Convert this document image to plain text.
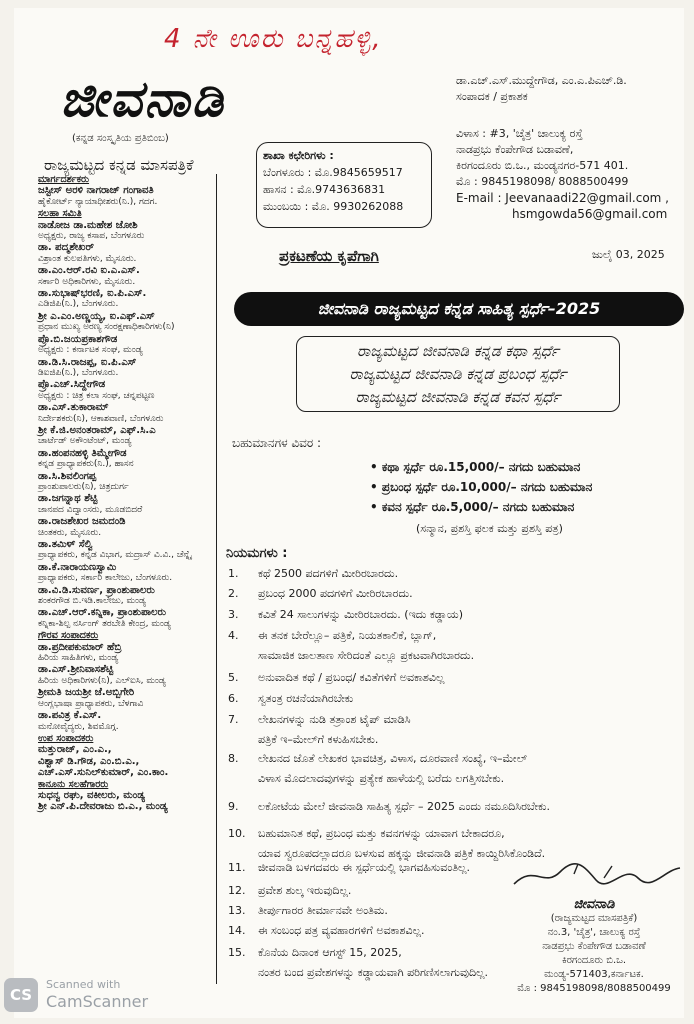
4 ನೇ ಊರು ಬನ್ನಹಳ್ಳಿ,
ಜೀವನಾಡಿ
(ಕನ್ನಡ ಸಂಸ್ಕೃತಿಯ ಪ್ರತಿಬಿಂಬ)
ರಾಜ್ಯಮಟ್ಟದ ಕನ್ನಡ ಮಾಸಪತ್ರಿಕೆ
ಶಾಖಾ ಕಛೇರಿಗಳು :
ಬೆಂಗಳೂರು : ಮೊ.9845659517
ಹಾಸನ : ಮೊ.9743636831
ಮುಂಬಯಿ : ಮೊ. 9930262088
ಡಾ.ಎಚ್.ಎಸ್.ಮುದ್ದೇಗೌಡ, ಎಂ.ಎ.ಪಿಎಚ್.ಡಿ.
ಸಂಪಾದಕ / ಪ್ರಕಾಶಕ
ವಿಳಾಸ : #3, 'ಚೈತ್ರ' ಚಾಲುಕ್ಯ ರಸ್ತೆ
ನಾಡಪ್ರಭು ಕೆಂಪೇಗೌಡ ಬಡಾವಣೆ,
ಕಿರಗಂದೂರು ಬಿ.ಒ., ಮಂಡ್ಯನಗರ-571 401.
ಮೊ : 9845198098/ 8088500499
E-mail : Jeevanaadi22@gmail.com ,
hsmgowda56@gmail.com
ಮಾರ್ಗದರ್ಶಕರು
ಜಸ್ಟೀಸ್ ಅರಳಿ ನಾಗರಾಜ್ ಗಂಗಾವತಿ
ಹೈಕೋರ್ಟ್ ನ್ಯಾಯಾಧೀಶರು(ನಿ.), ಗದಗ.
ಸಲಹಾ ಸಮಿತಿ
ನಾಡೋಜ ಡಾ.ಮಹೇಶ ಜೋಶಿ
ಅಧ್ಯಕ್ಷರು, ರಾಜ್ಯ ಕಸಾಪ, ಬೆಂಗಳೂರು
ಡಾ. ಪದ್ಮಶೇಖರ್
ವಿಶ್ರಾಂತ ಕುಲಪತಿಗಳು, ಮೈಸೂರು.
ಡಾ.ಎಂ.ಆರ್.ರವಿ ಐ.ಎ.ಎಸ್.
ಸರ್ಕಾರಿ ಅಧಿಕಾರಿಗಳು, ಮೈಸೂರು.
ಡಾ.ಸುಭಾಷ್‌ಭರಣಿ, ಐ.ಪಿ.ಎಸ್.
ಎಡಿಜಿಪಿ(ನಿ.), ಬೆಂಗಳೂರು.
ಶ್ರೀ ಎ.ಎಂ.ಅಣ್ಣಯ್ಯ, ಐ.ಎಫ್.ಎಸ್
ಪ್ರಧಾನ ಮುಖ್ಯ ಅರಣ್ಯ ಸಂರಕ್ಷಣಾಧಿಕಾರಿಗಳು(ನಿ)
ಪ್ರೊ.ಬಿ.ಜಯಪ್ರಕಾಶಗೌಡ
ಅಧ್ಯಕ್ಷರು : ಕರ್ನಾಟಕ ಸಂಘ, ಮಂಡ್ಯ
ಡಾ.ಡಿ.ಸಿ.ರಾಜಪ್ಪ, ಐ.ಪಿ.ಎಸ್
ಡಿಐಜಿಪಿ(ನಿ.), ಬೆಂಗಳೂರು.
ಪ್ರೊ.ಎಚ್.ಸಿದ್ದೇಗೌಡ
ಅಧ್ಯಕ್ಷರು : ಚಿತ್ರ ಕಲಾ ಸಂಘ, ಚನ್ನಪಟ್ಟಣ
ಡಾ.ಎಸ್.ತುಕಾರಾಮ್
ನಿರ್ದೇಶಕರು(ನಿ), ಆಕಾಶವಾಣಿ, ಬೆಂಗಳೂರು
ಶ್ರೀ ಕೆ.ಜಿ.ಅನಂತರಾಮ್, ಎಫ್.ಸಿ.ಎ
ಚಾರ್ಟೆಡ್ ಅಕೌಂಟೆಂಟ್, ಮಂಡ್ಯ
ಡಾ.ಹಂಪನಹಳ್ಳಿ ತಿಮ್ಮೇಗೌಡ
ಕನ್ನಡ ಪ್ರಾಧ್ಯಾಪಕರು(ನಿ.), ಹಾಸನ
ಡಾ.ಸಿ.ಶಿವಲಿಂಗಪ್ಪ
ಪ್ರಾಂಶುಪಾಲರು(ನಿ), ಚಿತ್ರದುರ್ಗ
ಡಾ.ಜಗನ್ನಾಥ ಶೆಟ್ಟಿ
ಜಾನಪದ ವಿದ್ವಾಂಸರು, ಮೂಡಬಿದರೆ
ಡಾ.ರಾಜಶೇಖರ ಜಮದಂಡಿ
ಚಿಂತಕರು, ಮೈಸೂರು.
ಡಾ.ತಮಿಳ್ ಸೆಲ್ವಿ
ಪ್ರಾಧ್ಯಾಪಕರು, ಕನ್ನಡ ವಿಭಾಗ, ಮದ್ರಾಸ್ ವಿ.ವಿ., ಚೆನ್ನೈ
ಡಾ.ಕೆ.ನಾರಾಯಣಸ್ವಾಮಿ
ಪ್ರಾಧ್ಯಾಪಕರು, ಸರ್ಕಾರಿ ಕಾಲೇಜು, ಬೆಂಗಳೂರು.
ಡಾ.ವಿ.ಡಿ.ಸುವರ್ಣ, ಪ್ರಾಂಶುಪಾಲರು
ಶಂಕರಗೌಡ ಬಿ.ಇಡಿ.ಕಾಲೇಜು, ಮಂಡ್ಯ
ಡಾ.ಎಚ್.ಆರ್.ಕನ್ನಿಕಾ, ಪ್ರಾಂಶುಪಾಲರು
ಕನ್ನಿಕಾ-ಶಿಲ್ಪ ನರ್ಸಿಂಗ್ ತರಬೇತಿ ಕೇಂದ್ರ, ಮಂಡ್ಯ
ಗೌರವ ಸಂಪಾದಕರು
ಡಾ.ಪ್ರದೀಪಕುಮಾರ್ ಹೆಬ್ರಿ
ಹಿರಿಯ ಸಾಹಿತಿಗಳು, ಮಂಡ್ಯ
ಡಾ.ಎಸ್.ಶ್ರೀನಿವಾಸಶೆಟ್ಟಿ
ಹಿರಿಯ ಅಧಿಕಾರಿಗಳು(ನಿ), ಎಲ್‌ಐಸಿ, ಮಂಡ್ಯ
ಶ್ರೀಮತಿ ಜಯಶ್ರೀ ಜೆ.ಅಬ್ಬಿಗೇರಿ
ಆಂಗ್ಲಭಾಷಾ ಪ್ರಾಧ್ಯಾಪಕರು, ಬೆಳಗಾವಿ
ಡಾ.ಪವಿತ್ರ ಕೆ.ಎಸ್.
ಮನೋವೈದ್ಯರು, ಶಿವಮೊಗ್ಗ.
ಉಪ ಸಂಪಾದಕರು
ಮತ್ತುರಾಜ್, ಎಂ.ಎ.,
ವಿಶ್ವಾಸ್ ಡಿ.ಗೌಡ, ಎಂ.ಬಿ.ಎ.,
ಎಚ್.ಎಸ್.ಸುನಿಲ್‌ಕುಮಾರ್, ಎಂ.ಕಾಂ.
ಕಾನೂನು ಸಲಹೆಗಾರರು
ಸುಧನ್ವ ರಘು, ವಕೀಲರು, ಮಂಡ್ಯ
ಶ್ರೀ ಎನ್.ಪಿ.ದೇವರಾಜು ಬಿ.ಎ., ಮಂಡ್ಯ
ಪ್ರಕಟಣೆಯ ಕೃಪೆಗಾಗಿ	ಜುಲೈ 03, 2025
ಜೀವನಾಡಿ ರಾಜ್ಯಮಟ್ಟದ ಕನ್ನಡ ಸಾಹಿತ್ಯ ಸ್ಪರ್ಧೆ–2025
ರಾಜ್ಯಮಟ್ಟದ ಜೀವನಾಡಿ ಕನ್ನಡ ಕಥಾ ಸ್ಪರ್ಧೆ
ರಾಜ್ಯಮಟ್ಟದ ಜೀವನಾಡಿ ಕನ್ನಡ ಪ್ರಬಂಧ ಸ್ಪರ್ಧೆ
ರಾಜ್ಯಮಟ್ಟದ ಜೀವನಾಡಿ ಕನ್ನಡ ಕವನ ಸ್ಪರ್ಧೆ
ಬಹುಮಾನಗಳ ವಿವರ :
• ಕಥಾ ಸ್ಪರ್ಧೆ ರೂ.15,000/– ನಗದು ಬಹುಮಾನ
• ಪ್ರಬಂಧ ಸ್ಪರ್ಧೆ ರೂ.10,000/– ನಗದು ಬಹುಮಾನ
• ಕವನ ಸ್ಪರ್ಧೆ ರೂ.5,000/– ನಗದು ಬಹುಮಾನ
(ಸನ್ಮಾನ, ಪ್ರಶಸ್ತಿ ಫಲಕ ಮತ್ತು ಪ್ರಶಸ್ತಿ ಪತ್ರ)
ನಿಯಮಗಳು :
1.	ಕಥೆ 2500 ಪದಗಳಿಗೆ ಮೀರಿರಬಾರದು.
2.	ಪ್ರಬಂಧ 2000 ಪದಗಳಿಗೆ ಮೀರಿರಬಾರದು.
3.	ಕವಿತೆ 24 ಸಾಲುಗಳನ್ನು ಮೀರಿರಬಾರದು. (ಇದು ಕಡ್ಡಾಯ)
4.	ಈ ತನಕ ಬೇರೆಲ್ಲೂ– ಪತ್ರಿಕೆ, ನಿಯತಕಾಲಿಕೆ, ಬ್ಲಾಗ್,
ಸಾಮಾಜಿಕ ಜಾಲತಾಣ ಸೇರಿದಂತೆ ಎಲ್ಲೂ ಪ್ರಕಟವಾಗಿರಬಾರದು.
5.	ಅನುವಾದಿತ ಕಥೆ / ಪ್ರಬಂಧ/ ಕವಿತೆಗಳಿಗೆ ಅವಕಾಶವಿಲ್ಲ
6.	ಸ್ವತಂತ್ರ ರಚನೆಯಾಗಿರಬೇಕು
7.	ಲೇಖನಗಳನ್ನು ನುಡಿ ತತ್ರಾಂಶ ಟೈಪ್ ಮಾಡಿಸಿ
ಪತ್ರಿಕೆ ಇ–ಮೇಲ್‌ಗೆ ಕಳುಹಿಸಬೇಕು.
8.	ಲೇಖನದ ಜೊತೆ ಲೇಖಕರ ಭಾವಚಿತ್ರ, ವಿಳಾಸ, ದೂರವಾಣಿ ಸಂಖ್ಯೆ, ಇ–ಮೇಲ್
ವಿಳಾಸ ಮೊದಲಾದವುಗಳನ್ನು ಪ್ರತ್ಯೇಕ ಹಾಳೆಯಲ್ಲಿ ಬರೆದು ಲಗತ್ತಿಸಬೇಕು.
9.	ಲಕೋಟೆಯ ಮೇಲೆ ಜೀವನಾಡಿ ಸಾಹಿತ್ಯ ಸ್ಪರ್ಧೆ – 2025 ಎಂದು ನಮೂದಿಸಿರಬೇಕು.
10.	ಬಹುಮಾನಿತ ಕಥೆ, ಪ್ರಬಂಧ ಮತ್ತು ಕವನಗಳನ್ನು ಯಾವಾಗ ಬೇಕಾದರೂ,
ಯಾವ ಸ್ವರೂಪದಲ್ಲಾದರೂ ಬಳಸುವ ಹಕ್ಕನ್ನು ಜೀವನಾಡಿ ಪತ್ರಿಕೆ ಕಾಯ್ದಿರಿಸಿಕೊಂಡಿದೆ.
11.	ಜೀವನಾಡಿ ಬಳಗದವರು ಈ ಸ್ಪರ್ಧೆಯಲ್ಲಿ ಭಾಗವಹಿಸುವಂತಿಲ್ಲ.
12.	ಪ್ರವೇಶ ಶುಲ್ಕ ಇರುವುದಿಲ್ಲ.
13.	ತೀರ್ಪುಗಾರರ ತೀರ್ಮಾನವೇ ಅಂತಿಮ.
14.	ಈ ಸಂಬಂಧ ಪತ್ರ ವ್ಯವಹಾರಗಳಿಗೆ ಅವಕಾಶವಿಲ್ಲ.
15.	ಕೊನೆಯ ದಿನಾಂಕ ಆಗಸ್ಟ್ 15, 2025,
ನಂತರ ಬಂದ ಪ್ರವೇಶಗಳನ್ನು ಕಡ್ಡಾಯವಾಗಿ ಪರಿಗಣಿಸಲಾಗುವುದಿಲ್ಲ.
ಜೀವನಾಡಿ
(ರಾಜ್ಯಮಟ್ಟದ ಮಾಸಪತ್ರಿಕೆ)
ನಂ.3, 'ಚೈತ್ರ', ಚಾಲುಕ್ಯ ರಸ್ತೆ
ನಾಡಪ್ರಭು ಕೆಂಪೇಗೌಡ ಬಡಾವಣೆ
ಕಿರಗಂದೂರು ಬಿ.ಒ.
ಮಂಡ್ಯ-571403,ಕರ್ನಾಟಕ.
ಮೊ : 9845198098/8088500499
CS
Scanned with
CamScanner
